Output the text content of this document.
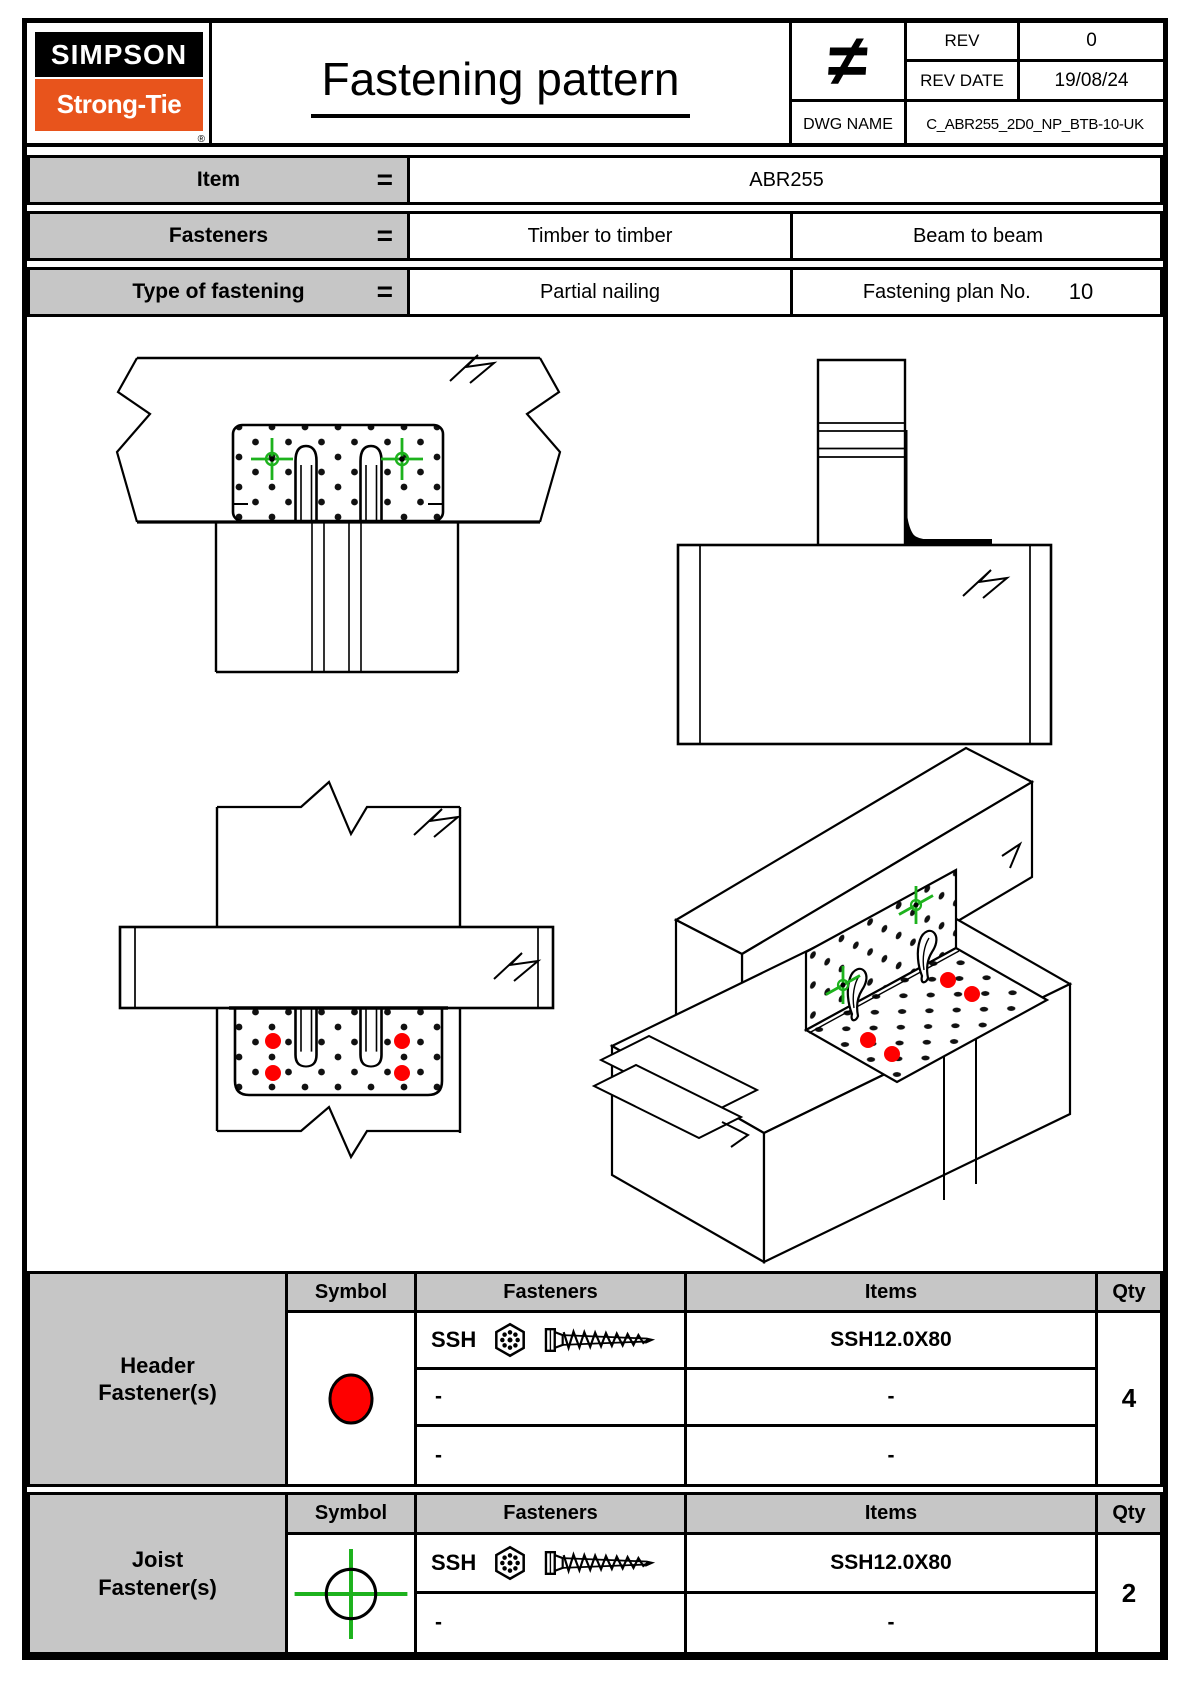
SIMPSON
Strong-Tie
®
Fastening pattern ≠	REV	0
REV DATE	19/08/24
DWG NAME	C_ABR255_2D0_NP_BTB-10-UK
Item	=	ABR255
Fasteners	=	Timber to timber	Beam to beam
Type of fastening	=	Partial nailing	Fastening plan No. 10
Header Fastener(s)
Symbol	Fasteners	Items	Qty
SSH	SSH12.0X80
-	-
-	-
4
Joist Fastener(s)
Symbol	Fasteners	Items	Qty
SSH	SSH12.0X80
-	-
2
